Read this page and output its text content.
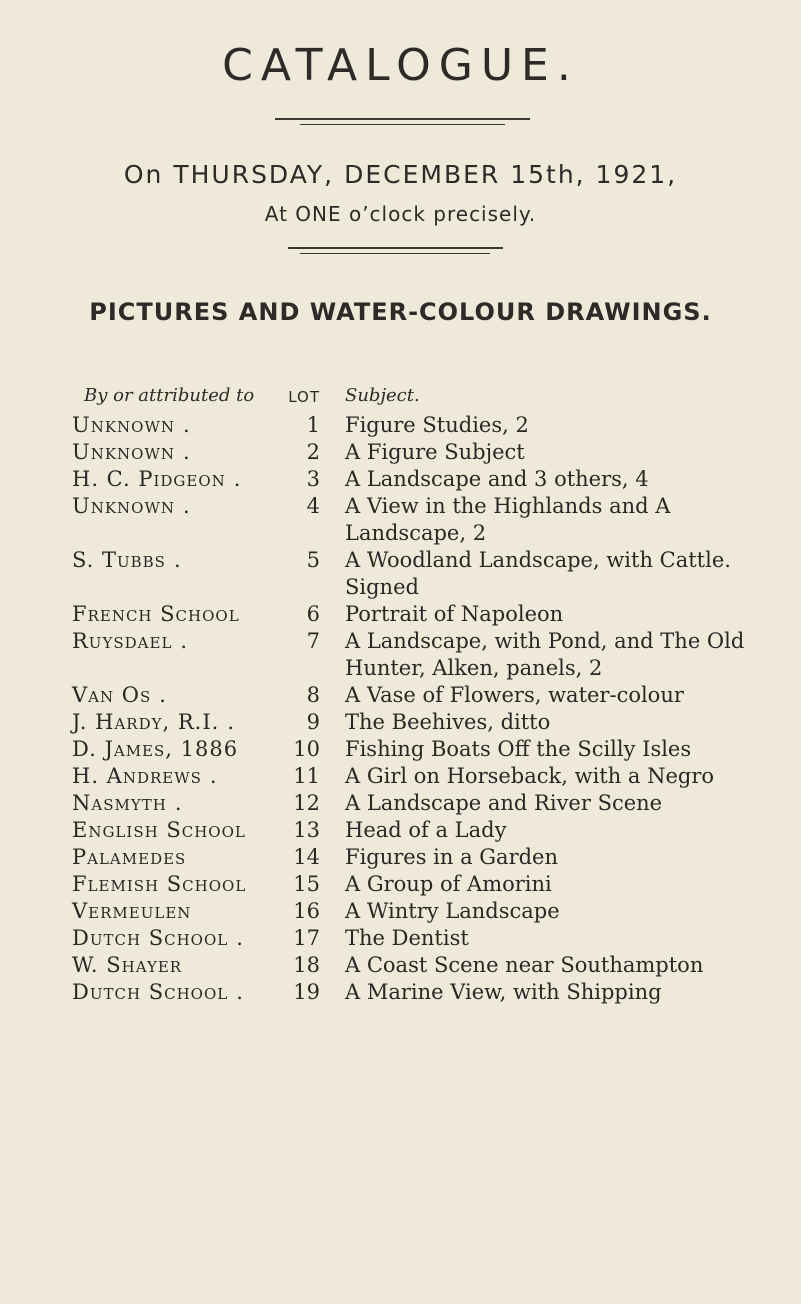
CATALOGUE.
On THURSDAY, DECEMBER 15th, 1921,
At ONE o’clock precisely.
PICTURES AND WATER-COLOUR DRAWINGS.
By or attributed to	LOT Subject.
Unknown .	1 Figure Studies, 2
Unknown .	2 A Figure Subject
H. C. Pidgeon .	3 A Landscape and 3 others, 4
Unknown .	4 A View in the Highlands and A Landscape, 2
S. Tubbs .	5 A Woodland Landscape, with Cattle. Signed
French School	6 Portrait of Napoleon
Ruysdael .	7 A Landscape, with Pond, and The Old Hunter, Alken, panels, 2
Van Os .	8 A Vase of Flowers, water-colour
J. Hardy, R.I. .	9 The Beehives, ditto
D. James, 1886	10 Fishing Boats Off the Scilly Isles
H. Andrews .	11 A Girl on Horseback, with a Negro
Nasmyth .	12 A Landscape and River Scene
English School	13 Head of a Lady
Palamedes	14 Figures in a Garden
Flemish School	15 A Group of Amorini
Vermeulen	16 A Wintry Landscape
Dutch School .	17 The Dentist
W. Shayer	18 A Coast Scene near Southampton
Dutch School .	19 A Marine View, with Shipping
